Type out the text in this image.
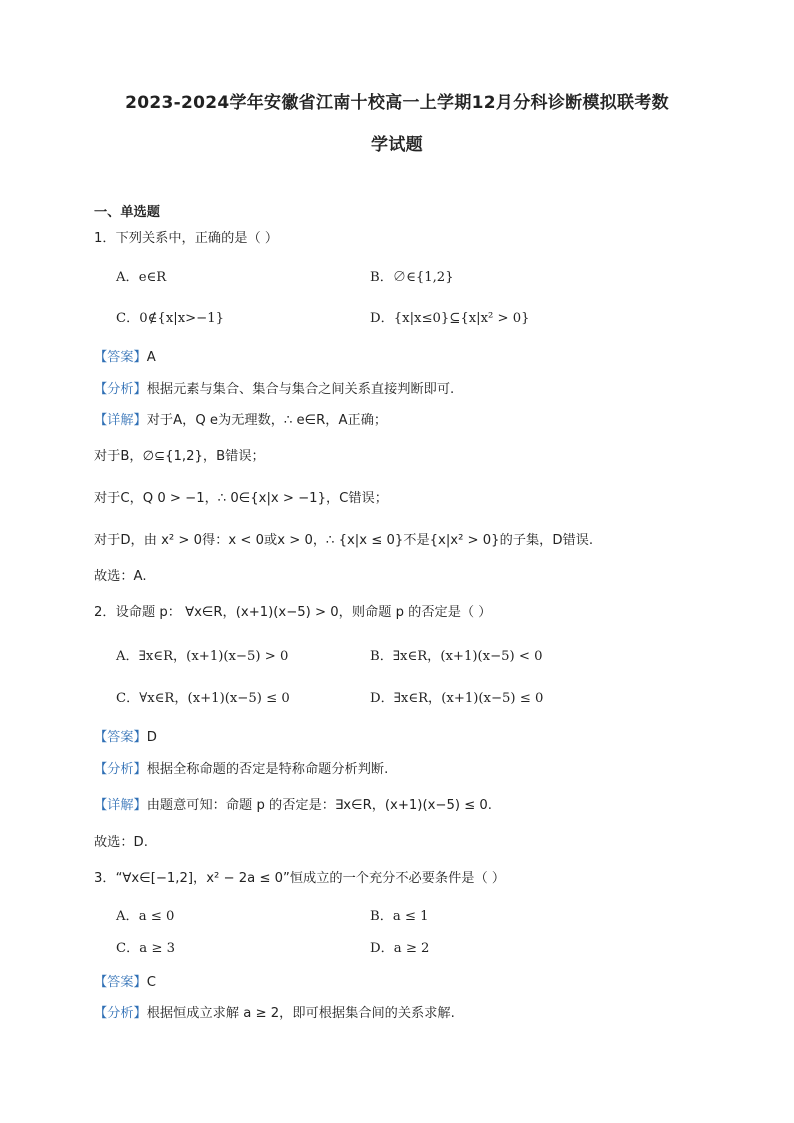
2023-2024学年安徽省江南十校高一上学期12月分科诊断模拟联考数
学试题
一、单选题
1．下列关系中，正确的是（ ）
A．e∈R	B．∅∈{1,2}
C．0∉{x|x>−1}	D．{x|x≤0}⊆{x|x² > 0}
【答案】A
【分析】根据元素与集合、集合与集合之间关系直接判断即可.
【详解】对于A，Q e为无理数，∴ e∈R，A正确；
对于B，∅⊆{1,2}，B错误；
对于C，Q 0 > −1，∴ 0∈{x|x > −1}，C错误；
对于D，由 x² > 0得：x < 0或x > 0，∴ {x|x ≤ 0}不是{x|x² > 0}的子集，D错误.
故选：A.
2．设命题 p： ∀x∈R，(x+1)(x−5) > 0，则命题 p 的否定是（ ）
A．∃x∈R，(x+1)(x−5) > 0	B．∃x∈R，(x+1)(x−5) < 0
C．∀x∈R，(x+1)(x−5) ≤ 0	D．∃x∈R，(x+1)(x−5) ≤ 0
【答案】D
【分析】根据全称命题的否定是特称命题分析判断.
【详解】由题意可知：命题 p 的否定是：∃x∈R，(x+1)(x−5) ≤ 0.
故选：D.
3．“∀x∈[−1,2]，x² − 2a ≤ 0”恒成立的一个充分不必要条件是（ ）
A．a ≤ 0	B．a ≤ 1
C．a ≥ 3	D．a ≥ 2
【答案】C
【分析】根据恒成立求解 a ≥ 2，即可根据集合间的关系求解.
